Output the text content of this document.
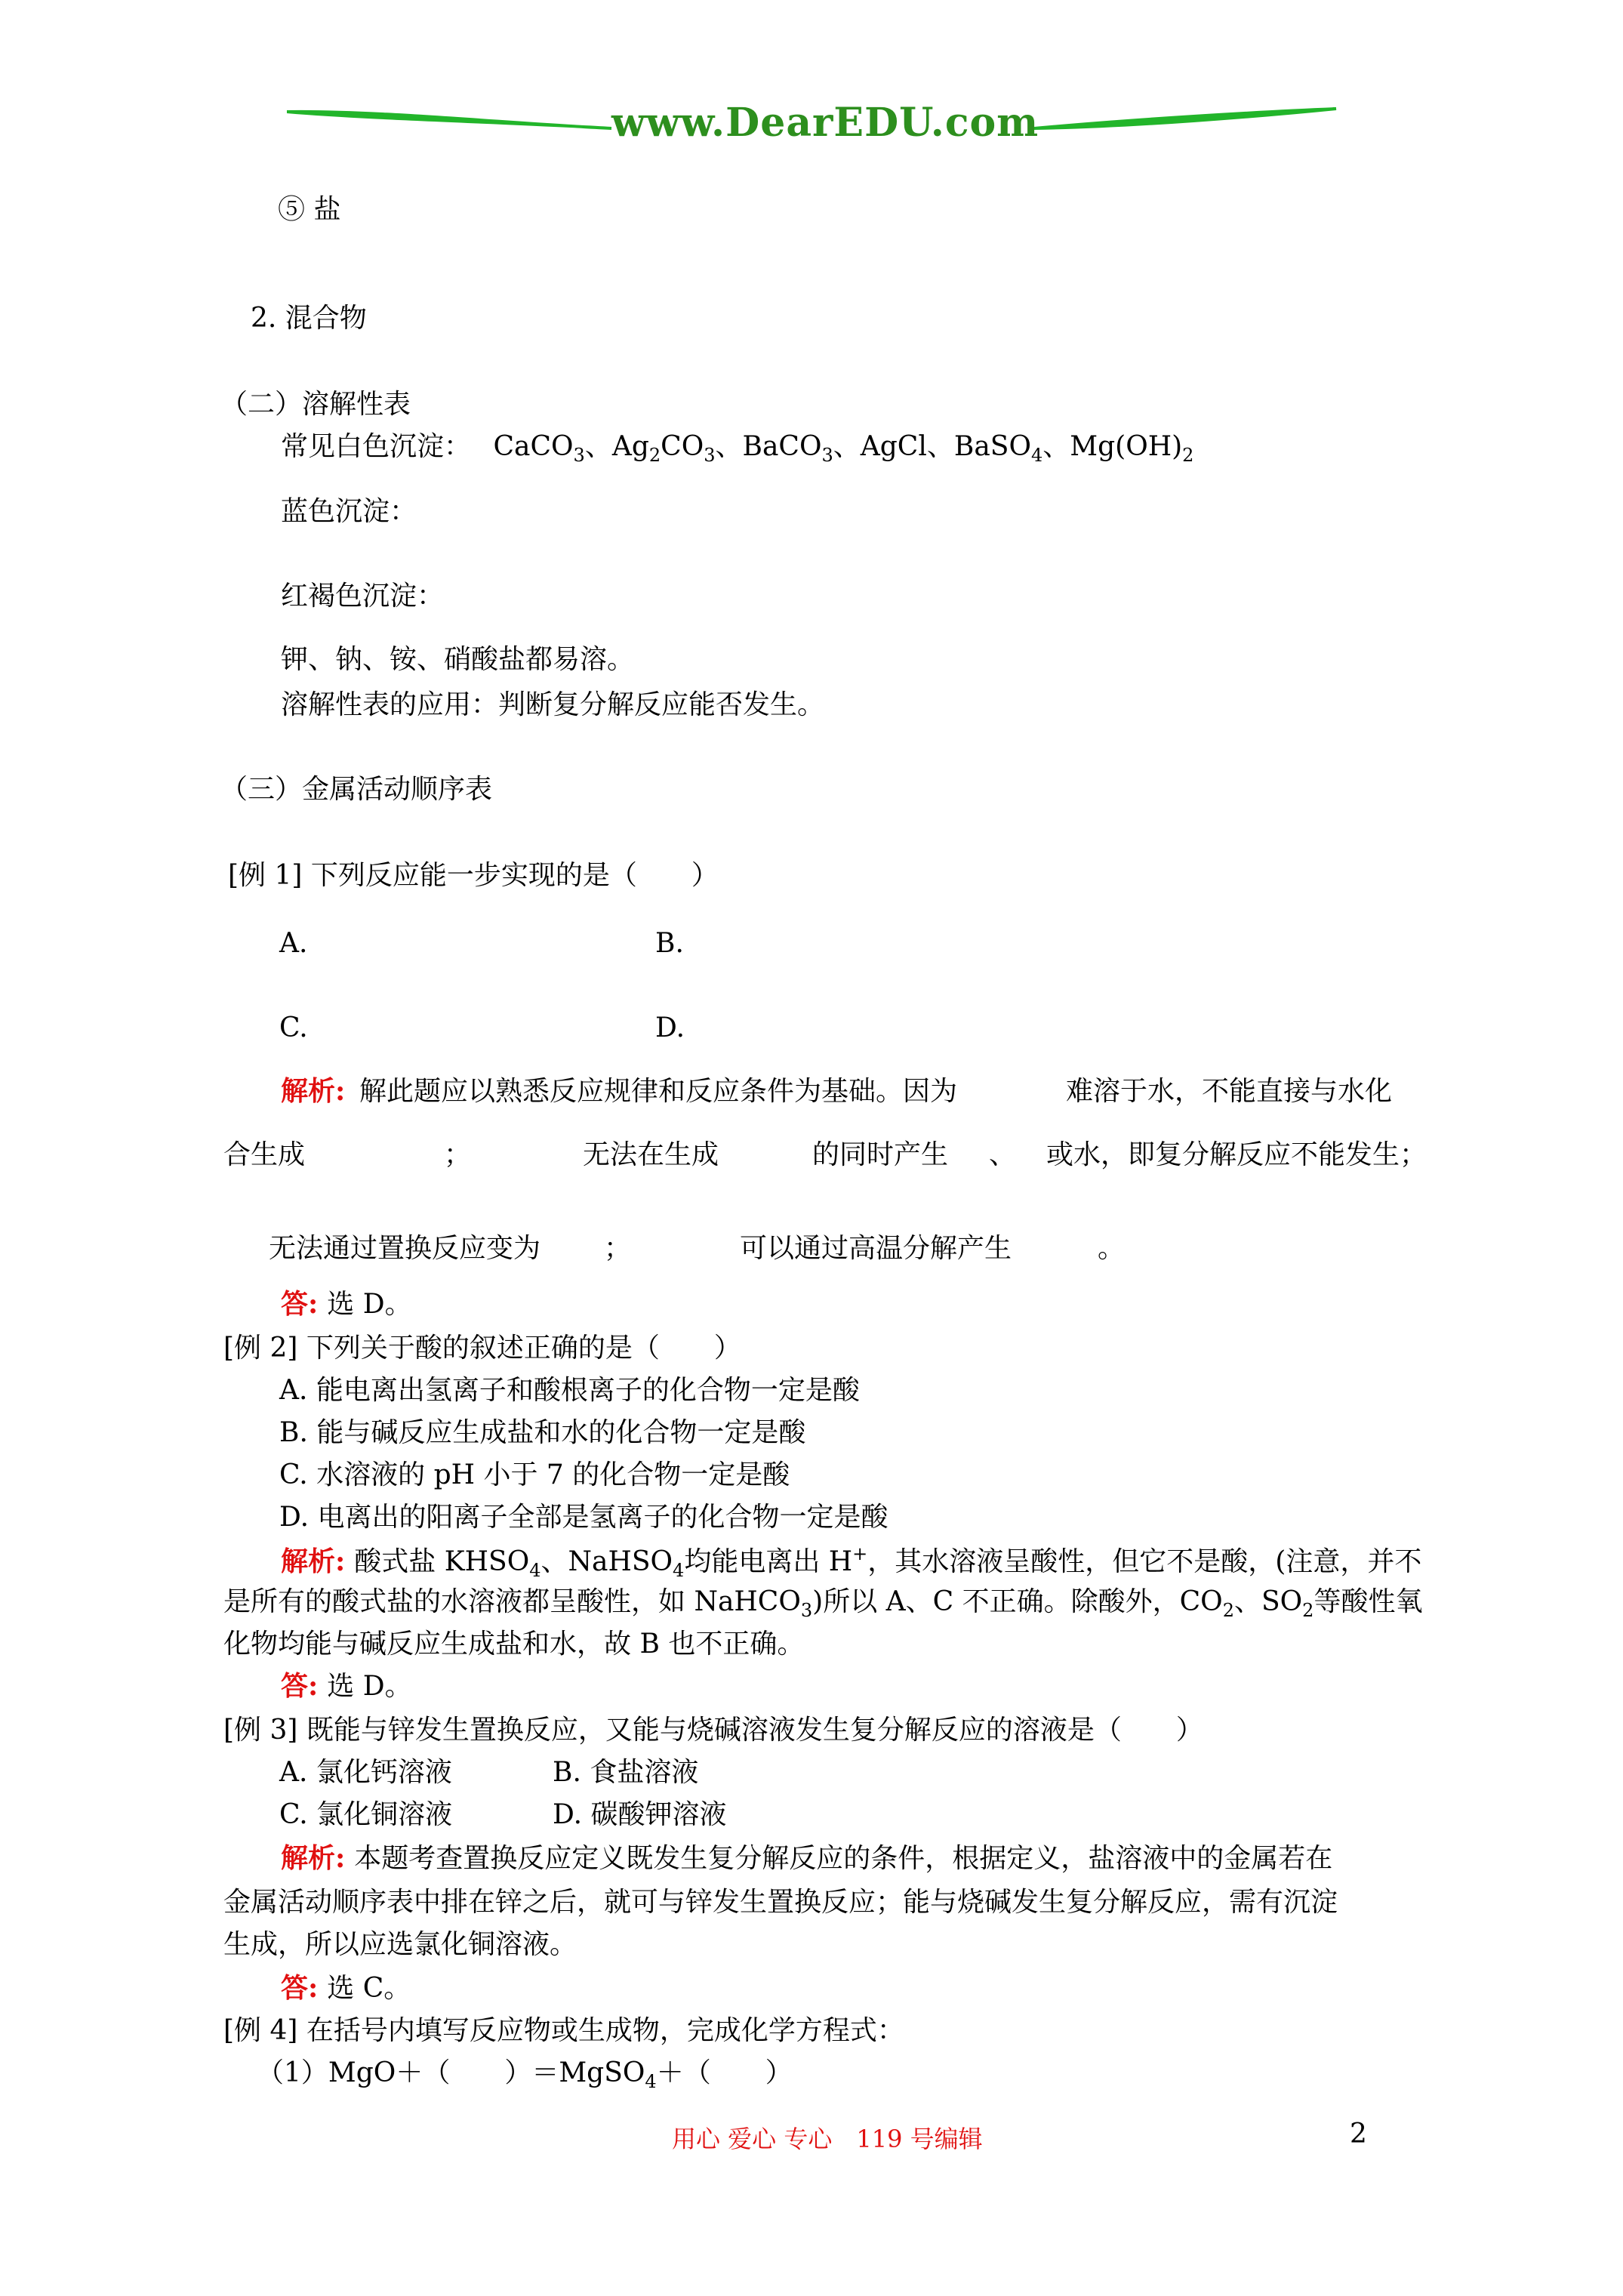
www.DearEDU.com
⑤ 盐
2. 混合物
（二）溶解性表
常见白色沉淀： CaCO$_3$、$Ag_2CO_3$、BaCO$_3$、AgCl、BaSO$_4$、$Mg(OH)_2$
蓝色沉淀：
红褐色沉淀：
钾、钠、铵、硝酸盐都易溶。
溶解性表的应用：判断复分解反应能否发生。
（三）金属活动顺序表
[例 1] 下列反应能一步实现的是（　　）
A.	B.
C.	D.
解析: 解此题应以熟悉反应规律和反应条件为基础。因为	难溶于水，不能直接与水化
合生成	；	无法在生成	的同时产生 、 或水，即复分解反应不能发生；
无法通过置换反应变为 ；	可以通过高温分解产生	。
答: 选 D。
[例 2] 下列关于酸的叙述正确的是（　　）
A. 能电离出氢离子和酸根离子的化合物一定是酸
B. 能与碱反应生成盐和水的化合物一定是酸
C. 水溶液的 pH 小于 7 的化合物一定是酸
D. 电离出的阳离子全部是氢离子的化合物一定是酸
解析: 酸式盐 $KHSO_4$、NaHSO$_4$均能电离出 H+，其水溶液呈酸性，但它不是酸，(注意，并不
是所有的酸式盐的水溶液都呈酸性，如 NaHCO$_3$)所以 A、C 不正确。除酸外，$CO_2$、$SO_2$等酸性氧
化物均能与碱反应生成盐和水，故 B 也不正确。
答: 选 D。
[例 3] 既能与锌发生置换反应，又能与烧碱溶液发生复分解反应的溶液是（　　）
A. 氯化钙溶液	B. 食盐溶液
C. 氯化铜溶液	D. 碳酸钾溶液
解析: 本题考查置换反应定义既发生复分解反应的条件，根据定义，盐溶液中的金属若在
金属活动顺序表中排在锌之后，就可与锌发生置换反应；能与烧碱发生复分解反应，需有沉淀
生成，所以应选氯化铜溶液。
答: 选 C。
[例 4] 在括号内填写反应物或生成物，完成化学方程式：
（1）MgO＋（　　）＝MgSO$_4$＋（　　）
用心 爱心 专心　119 号编辑	2
